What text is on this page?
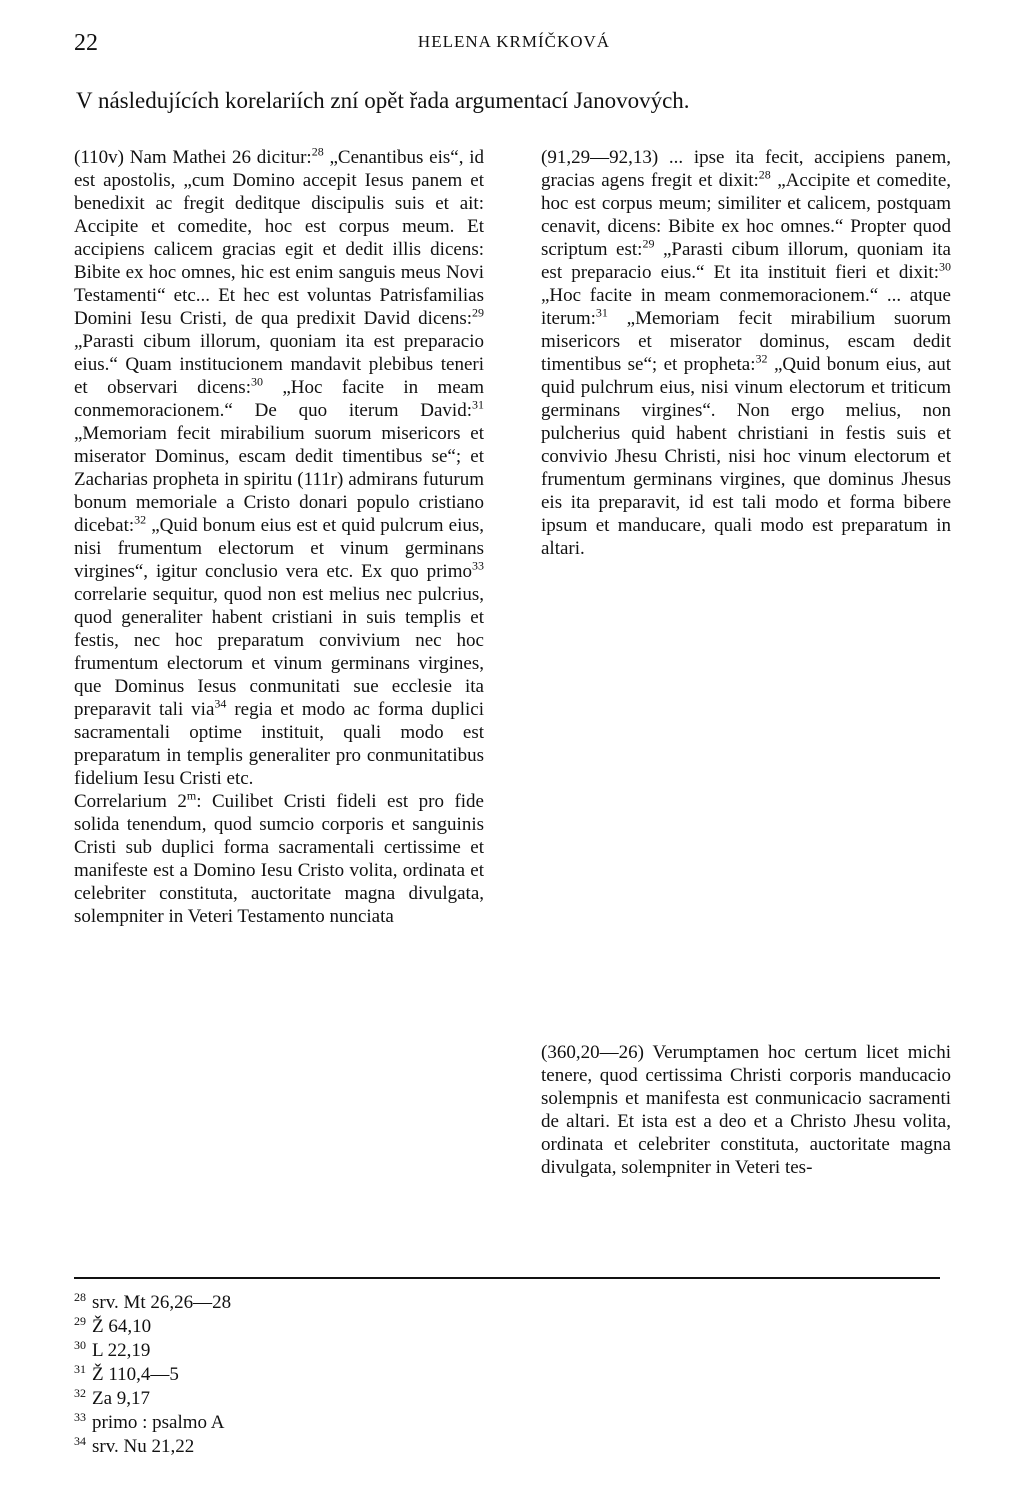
22	HELENA KRMÍČKOVÁ
V následujících korelariích zní opět řada argumentací Janovových.

(110v) Nam Mathei 26 dicitur:$^{28}$ „Cenantibus eis“, id est apostolis, „cum Domino accepit Iesus panem et benedixit ac fregit deditque discipulis suis et ait: Accipite et comedite, hoc est corpus meum. Et accipiens calicem gracias egit et dedit illis dicens: Bibite ex hoc omnes, hic est enim sanguis meus Novi Testamenti“ etc... Et hec est voluntas Patrisfamilias Domini Iesu Cristi, de qua predixit David dicens:$^{29}$ „Parasti cibum illorum, quoniam ita est preparacio eius.“ Quam institucionem mandavit plebibus teneri et observari dicens:$^{30}$ „Hoc facite in meam conmemoracionem.“ De quo iterum David:$^{31}$ „Memoriam fecit mirabilium suorum misericors et miserator Dominus, escam dedit timentibus se“; et Zacharias propheta in spiritu (111r) admirans futurum bonum memoriale a Cristo donari populo cristiano dicebat:$^{32}$ „Quid bonum eius est et quid pulcrum eius, nisi frumentum electorum et vinum germinans virgines“, igitur conclusio vera etc. Ex quo primo$^{33}$ correlarie sequitur, quod non est melius nec pulcrius, quod generaliter habent cristiani in suis templis et festis, nec hoc preparatum convivium nec hoc frumentum electorum et vinum germinans virgines, que Dominus Iesus conmunitati sue ecclesie ita preparavit tali via$^{34}$ regia et modo ac forma duplici sacramentali optime instituit, quali modo est preparatum in templis generaliter pro conmunitatibus fidelium Iesu Cristi etc.

Correlarium 2$^m$: Cuilibet Cristi fideli est pro fide solida tenendum, quod sumcio corporis et sanguinis Cristi sub duplici forma sacramentali certissime et manifeste est a Domino Iesu Cristo volita, ordinata et celebriter constituta, auctoritate magna divulgata, solempniter in Veteri Testamento nunciata

(91,29—92,13) ... ipse ita fecit, accipiens panem, gracias agens fregit et dixit:$^{28}$ „Accipite et comedite, hoc est corpus meum; similiter et calicem, postquam cenavit, dicens: Bibite ex hoc omnes.“ Propter quod scriptum est:$^{29}$ „Parasti cibum illorum, quoniam ita est preparacio eius.“ Et ita instituit fieri et dixit:$^{30}$ „Hoc facite in meam conmemoracionem.“ ... atque iterum:$^{31}$ „Memoriam fecit mirabilium suorum misericors et miserator dominus, escam dedit timentibus se“; et propheta:$^{32}$ „Quid bonum eius, aut quid pulchrum eius, nisi vinum electorum et triticum germinans virgines“. Non ergo melius, non pulcherius quid habent christiani in festis suis et convivio Jhesu Christi, nisi hoc vinum electorum et frumentum germinans virgines, que dominus Jhesus eis ita preparavit, id est tali modo et forma bibere ipsum et manducare, quali modo est preparatum in altari.

(360,20—26) Verumptamen hoc certum licet michi tenere, quod certissima Christi corporis manducacio solempnis et manifesta est conmunicacio sacramenti de altari. Et ista est a deo et a Christo Jhesu volita, ordinata et celebriter constituta, auctoritate magna divulgata, solempniter in Veteri tes-

$^{28}$ srv. Mt 26,26—28
$^{29}$ Ž 64,10
$^{30}$ L 22,19
$^{31}$ Ž 110,4—5
$^{32}$ Za 9,17
$^{33}$ primo : psalmo A
$^{34}$ srv. Nu 21,22
